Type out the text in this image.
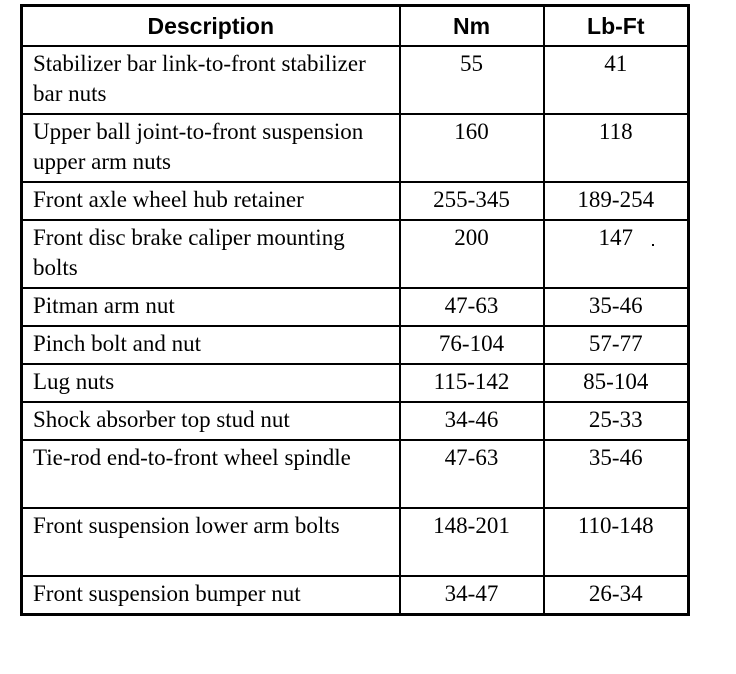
Description	Nm	Lb-Ft
Stabilizer bar link-to-front stabilizer bar nuts	55	41
Upper ball joint-to-front suspension upper arm nuts	160	118
Front axle wheel hub retainer	255-345	189-254
Front disc brake caliper mounting bolts	200	147
Pitman arm nut	47-63	35-46
Pinch bolt and nut	76-104	57-77
Lug nuts	115-142	85-104
Shock absorber top stud nut	34-46	25-33
Tie-rod end-to-front wheel spindle	47-63	35-46
Front suspension lower arm bolts	148-201	110-148
Front suspension bumper nut	34-47	26-34
